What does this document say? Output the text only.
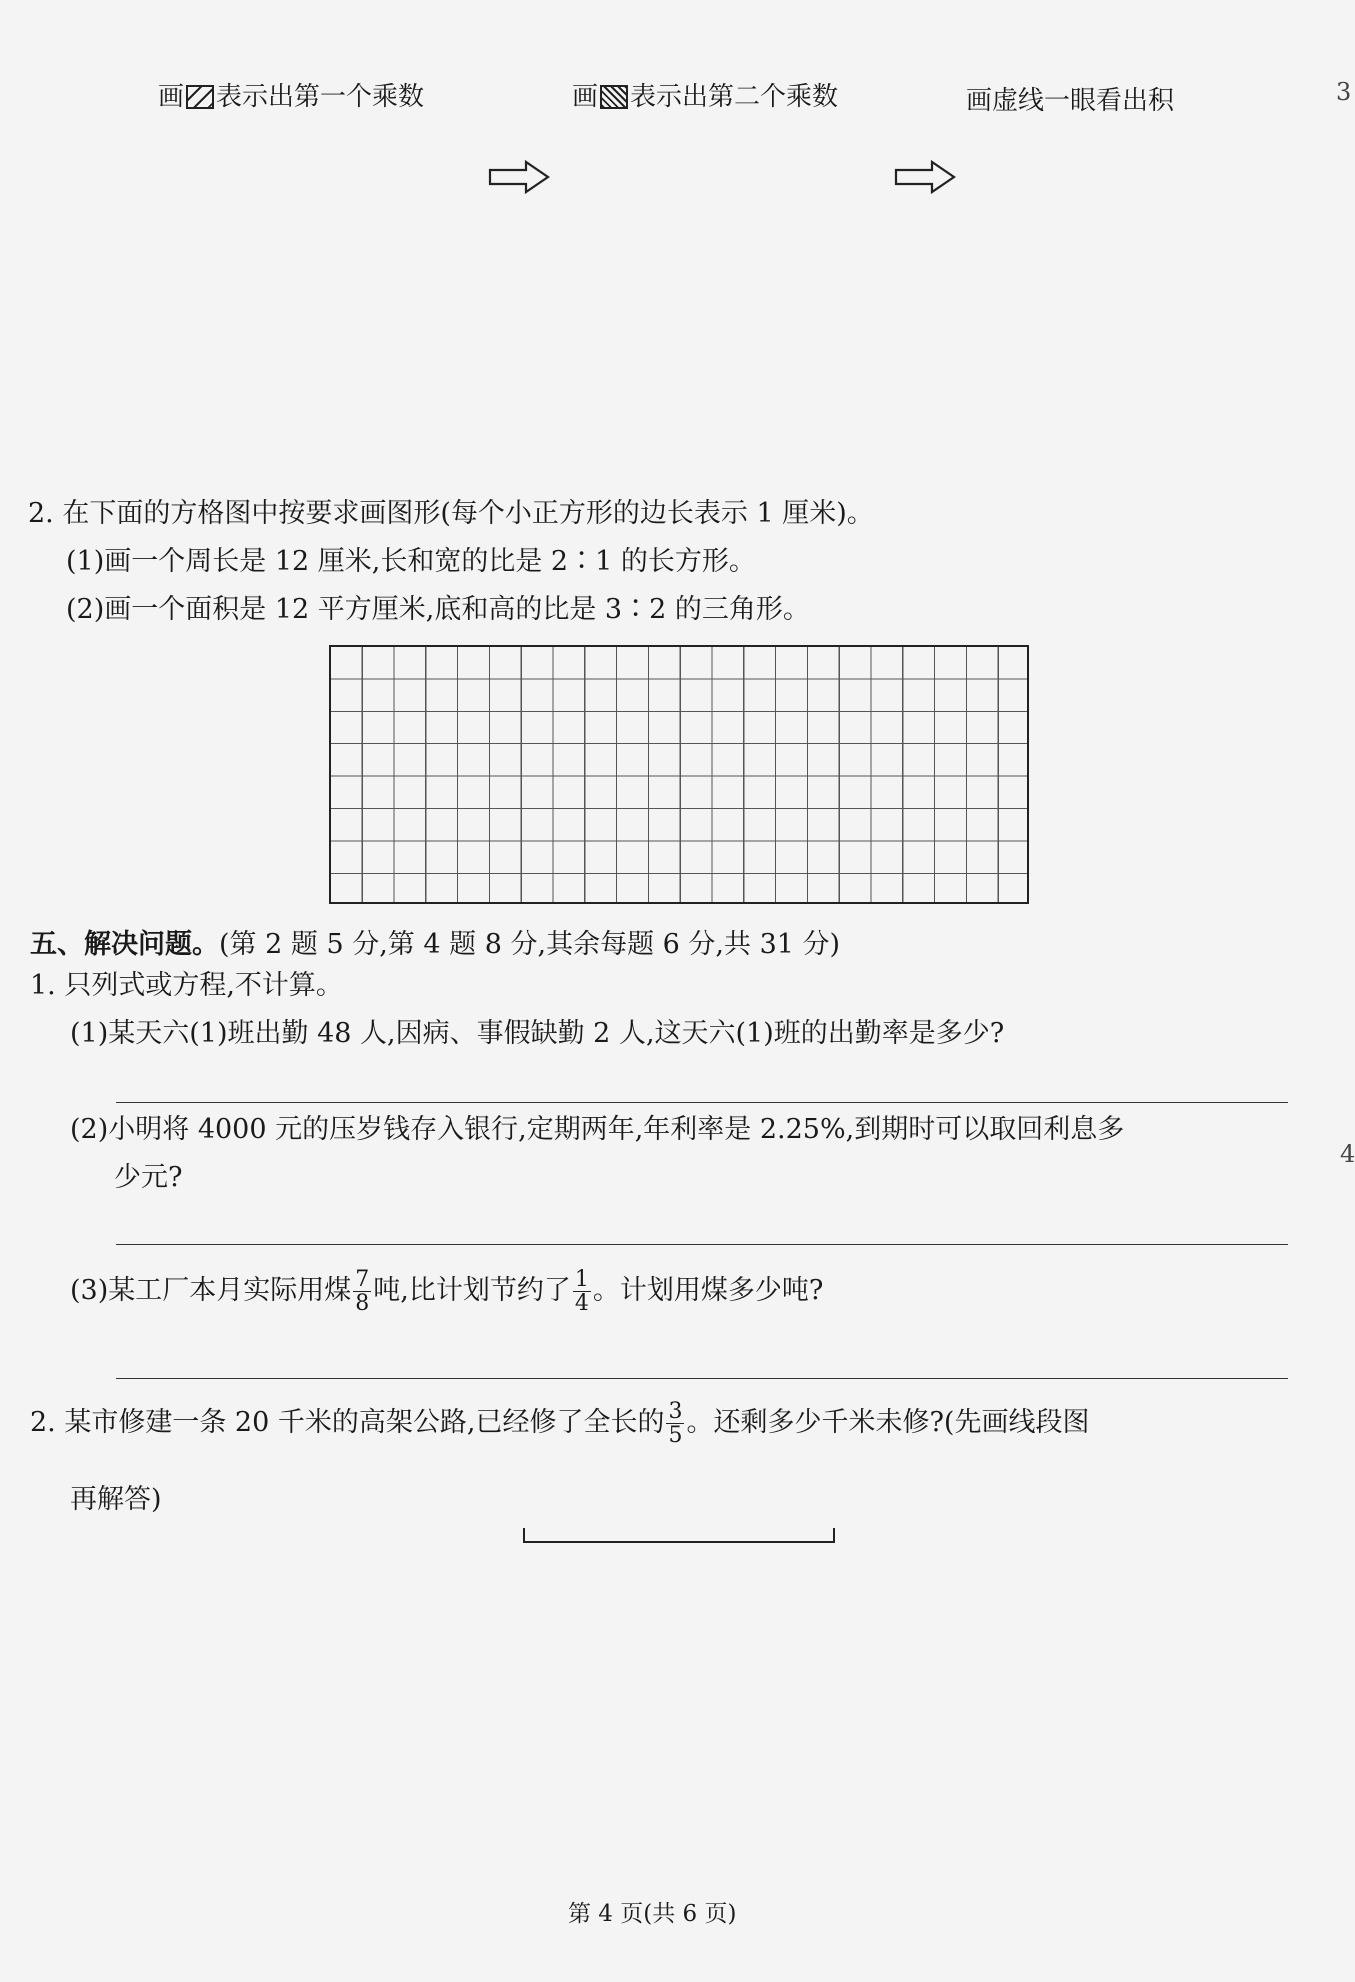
画 表示出第一个乘数	画 表示出第二个乘数	画虚线一眼看出积	3
2. 在下面的方格图中按要求画图形(每个小正方形的边长表示 1 厘米)。
(1)画一个周长是 12 厘米,长和宽的比是 2∶1 的长方形。
(2)画一个面积是 12 平方厘米,底和高的比是 3∶2 的三角形。
五、解决问题。(第 2 题 5 分,第 4 题 8 分,其余每题 6 分,共 31 分)
1. 只列式或方程,不计算。
(1)某天六(1)班出勤 48 人,因病、事假缺勤 2 人,这天六(1)班的出勤率是多少?
(2)小明将 4000 元的压岁钱存入银行,定期两年,年利率是 2.25%,到期时可以取回利息多
少元?
(3)某工厂本月实际用煤 $\frac{7}{8}$ 吨,比计划节约了 $\frac{1}{4}$ 。计划用煤多少吨?
2. 某市修建一条 20 千米的高架公路,已经修了全长的 $\frac{3}{5}$ 。还剩多少千米未修?(先画线段图
再解答)
4
第 4 页(共 6 页)
